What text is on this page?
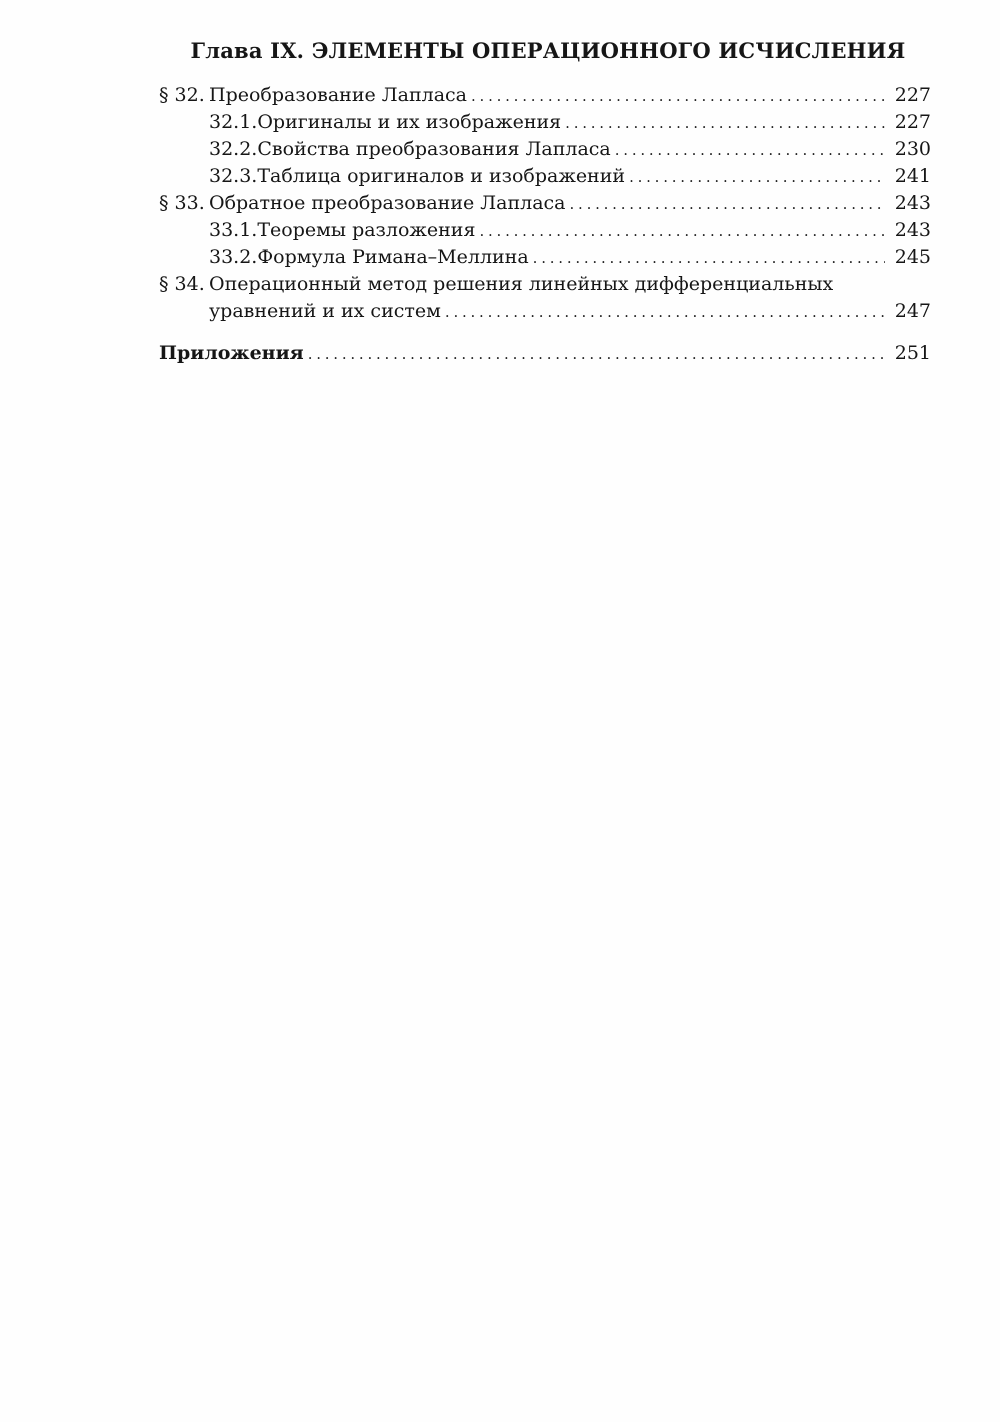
Глава IX. ЭЛЕМЕНТЫ ОПЕРАЦИОННОГО ИСЧИСЛЕНИЯ
§ 32. Преобразование Лапласа . . .	227
32.1. Оригиналы и их изображения . . .	227
32.2. Свойства преобразования Лапласа . . .	230
32.3. Таблица оригиналов и изображений . . .	241
§ 33. Обратное преобразование Лапласа . . .	243
33.1. Теоремы разложения . . .	243
33.2. Формула Римана–Меллина . . .	245
§ 34. Операционный метод решения линейных дифференциальных
уравнений и их систем . . .	247
Приложения . . .	251
